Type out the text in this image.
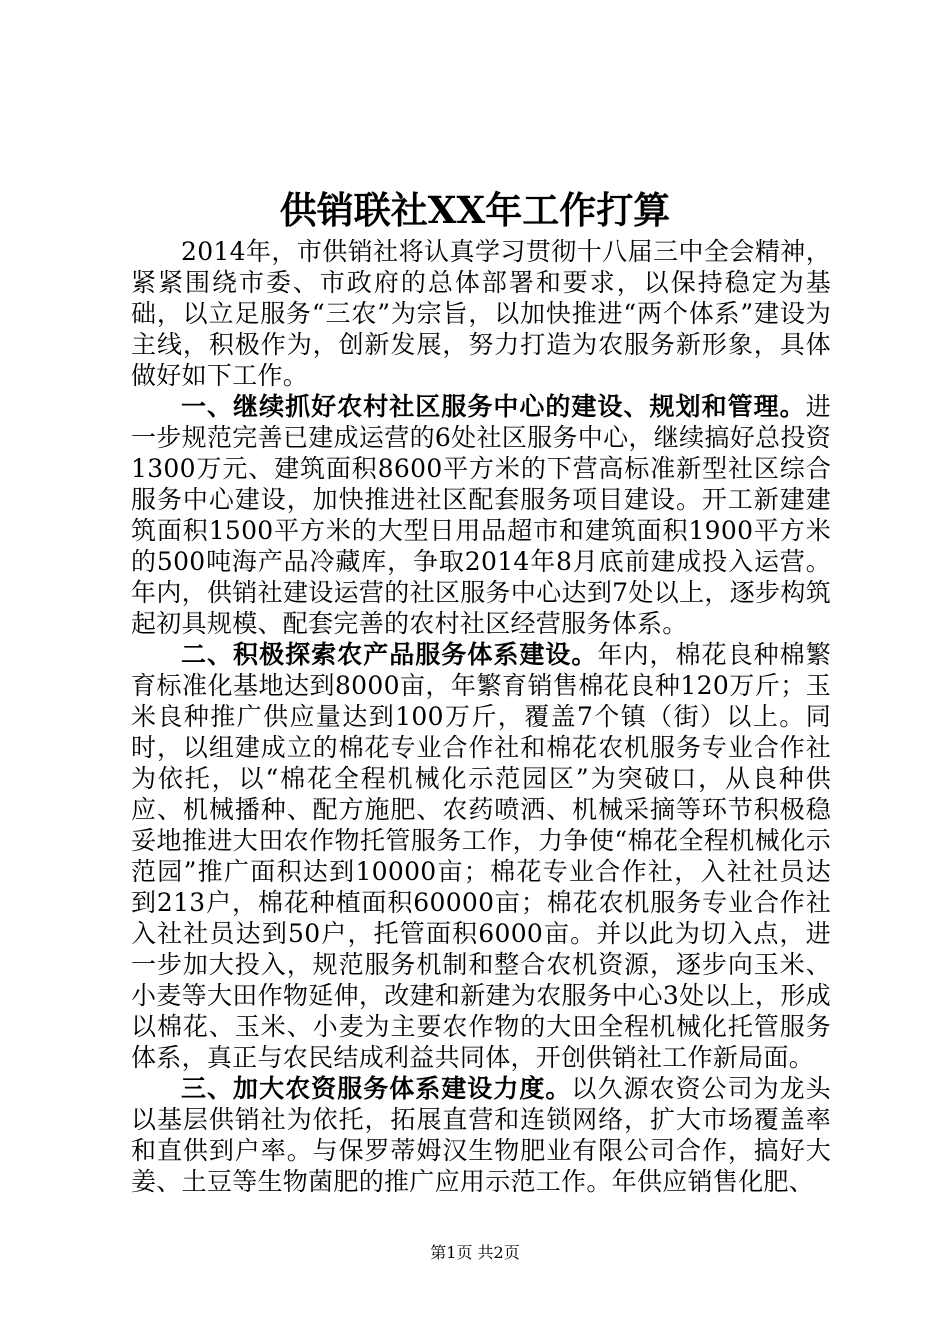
供销联社XX年工作打算

2014年，市供销社将认真学习贯彻十八届三中全会精神，紧紧围绕市委、市政府的总体部署和要求，以保持稳定为基础，以立足服务“三农”为宗旨，以加快推进“两个体系”建设为主线，积极作为，创新发展，努力打造为农服务新形象，具体做好如下工作。

一、继续抓好农村社区服务中心的建设、规划和管理。进一步规范完善已建成运营的6处社区服务中心，继续搞好总投资1300万元、建筑面积8600平方米的下营高标准新型社区综合服务中心建设，加快推进社区配套服务项目建设。开工新建建筑面积1500平方米的大型日用品超市和建筑面积1900平方米的500吨海产品冷藏库，争取2014年8月底前建成投入运营。年内，供销社建设运营的社区服务中心达到7处以上，逐步构筑起初具规模、配套完善的农村社区经营服务体系。

二、积极探索农产品服务体系建设。年内，棉花良种棉繁育标准化基地达到8000亩，年繁育销售棉花良种120万斤；玉米良种推广供应量达到100万斤，覆盖7个镇（街）以上。同时，以组建成立的棉花专业合作社和棉花农机服务专业合作社为依托，以“棉花全程机械化示范园区”为突破口，从良种供应、机械播种、配方施肥、农药喷洒、机械采摘等环节积极稳妥地推进大田农作物托管服务工作，力争使“棉花全程机械化示范园”推广面积达到10000亩；棉花专业合作社，入社社员达到213户，棉花种植面积60000亩；棉花农机服务专业合作社入社社员达到50户，托管面积6000亩。并以此为切入点，进一步加大投入，规范服务机制和整合农机资源，逐步向玉米、小麦等大田作物延伸，改建和新建为农服务中心3处以上，形成以棉花、玉米、小麦为主要农作物的大田全程机械化托管服务体系，真正与农民结成利益共同体，开创供销社工作新局面。

三、加大农资服务体系建设力度。以久源农资公司为龙头以基层供销社为依托，拓展直营和连锁网络，扩大市场覆盖率和直供到户率。与保罗蒂姆汉生物肥业有限公司合作，搞好大姜、土豆等生物菌肥的推广应用示范工作。年供应销售化肥、

第1页 共2页
